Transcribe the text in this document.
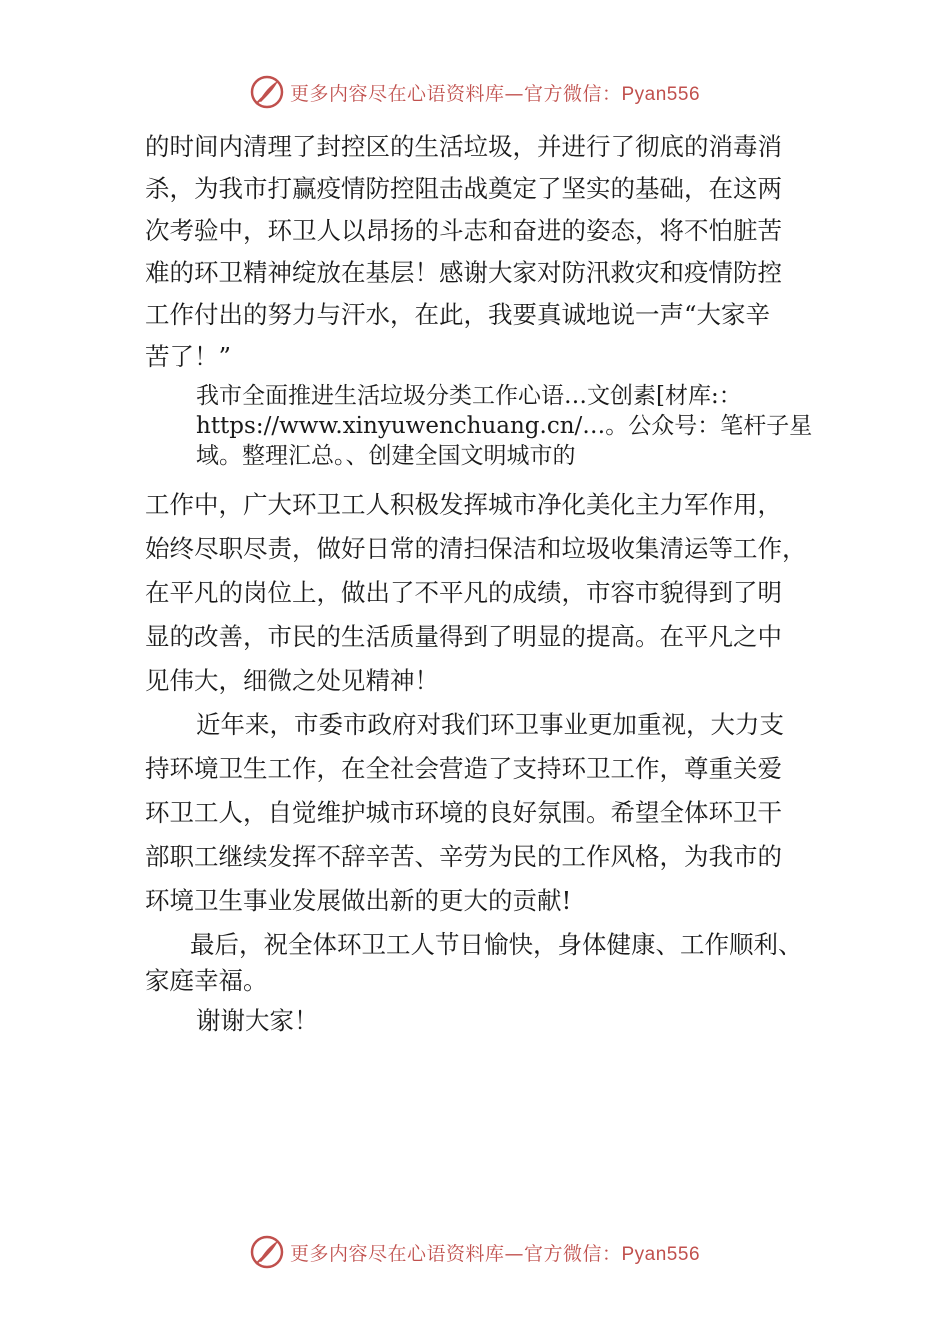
更多内容尽在心语资料库—官方微信：Pyan556
的时间内清理了封控区的生活垃圾，并进行了彻底的消毒消
杀，为我市打赢疫情防控阻击战奠定了坚实的基础，在这两
次考验中，环卫人以昂扬的斗志和奋进的姿态，将不怕脏苦
难的环卫精神绽放在基层！感谢大家对防汛救灾和疫情防控
工作付出的努力与汗水，在此，我要真诚地说一声“大家辛
苦了！”
我市全面推进生活垃圾分类工作心语…文创素[材库:：
https://www.xinyuwenchuang.cn/…。公众号：笔杆子星
域。整理汇总。、创建全国文明城市的
工作中，广大环卫工人积极发挥城市净化美化主力军作用，
始终尽职尽责，做好日常的清扫保洁和垃圾收集清运等工作，
在平凡的岗位上，做出了不平凡的成绩，市容市貌得到了明
显的改善，市民的生活质量得到了明显的提高。在平凡之中
见伟大，细微之处见精神！
近年来，市委市政府对我们环卫事业更加重视，大力支
持环境卫生工作，在全社会营造了支持环卫工作，尊重关爱
环卫工人，自觉维护城市环境的良好氛围。希望全体环卫干
部职工继续发挥不辞辛苦、辛劳为民的工作风格，为我市的
环境卫生事业发展做出新的更大的贡献!
最后，祝全体环卫工人节日愉快，身体健康、工作顺利、
家庭幸福。
谢谢大家！
更多内容尽在心语资料库—官方微信：Pyan556
